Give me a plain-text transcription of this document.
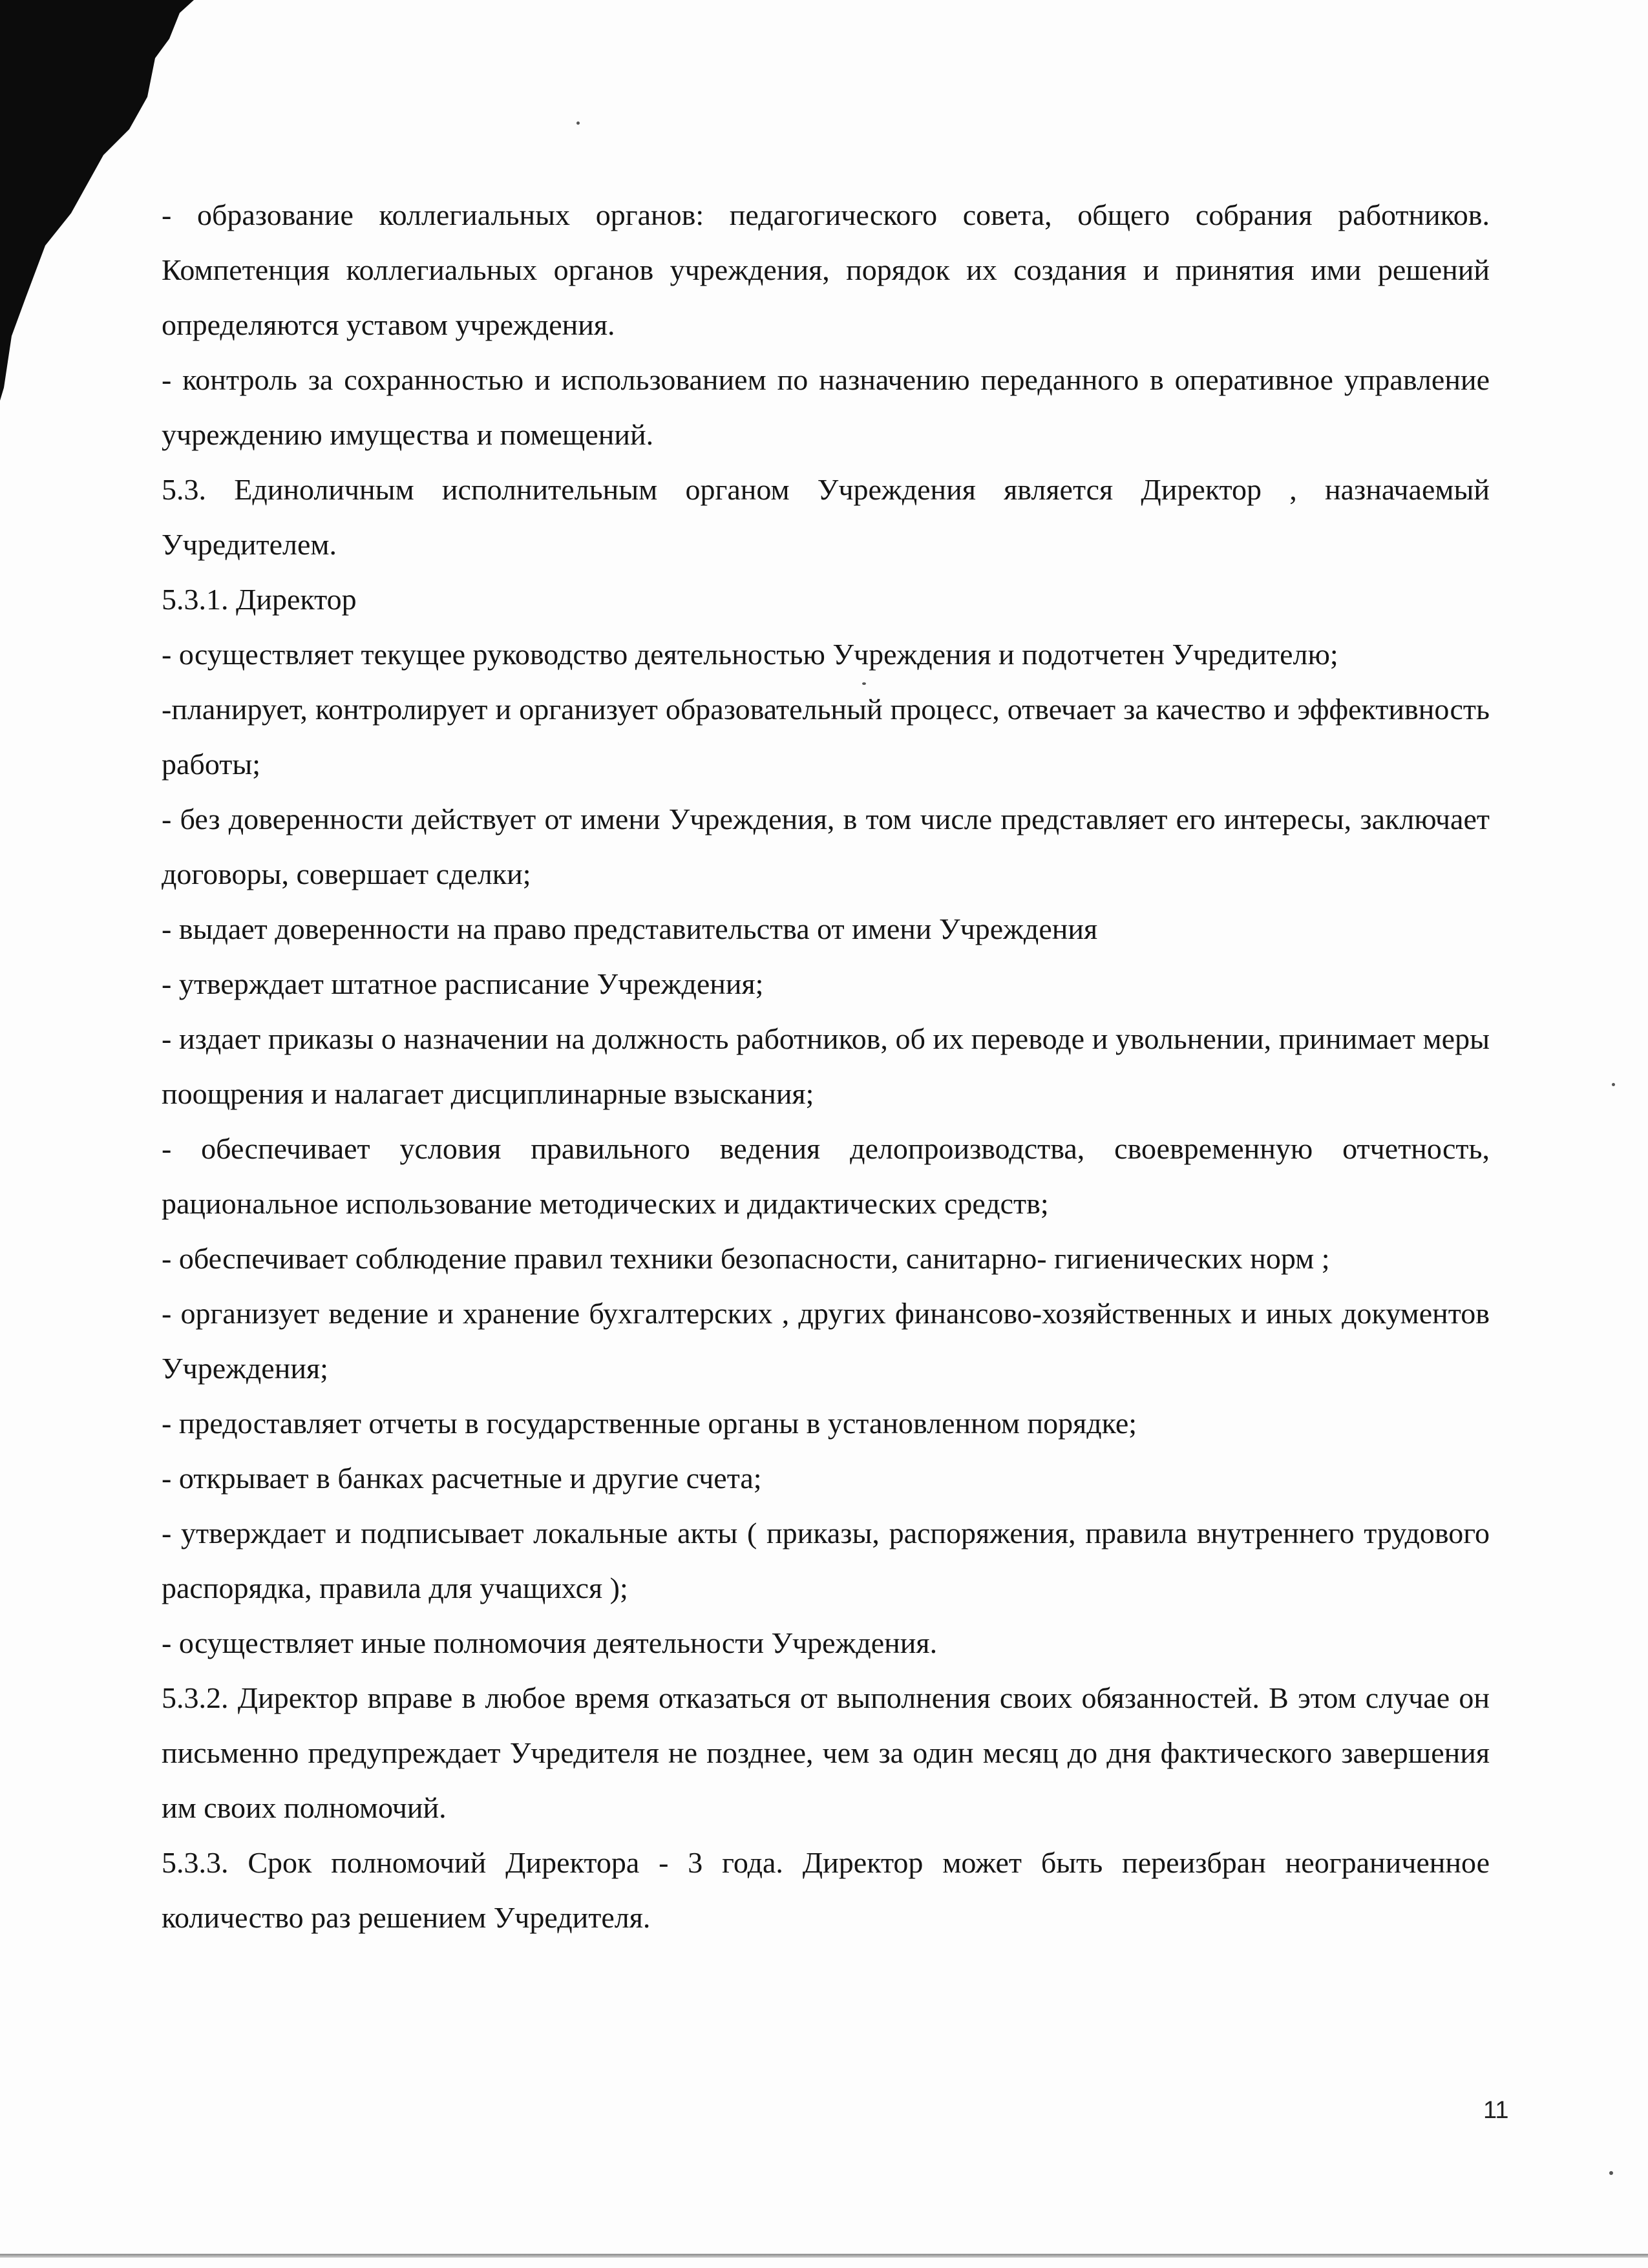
- образование коллегиальных органов: педагогического совета, общего собрания работников. Компетенция коллегиальных органов учреждения, порядок их создания и принятия ими решений определяются уставом учреждения.

- контроль за сохранностью и использованием по назначению переданного в оперативное управление учреждению имущества и помещений.

5.3. Единоличным исполнительным органом Учреждения является Директор , назначаемый Учредителем.

5.3.1. Директор

- осуществляет текущее руководство деятельностью Учреждения и подотчетен Учредителю;

-планирует, контролирует и организует образовательный процесс, отвечает за качество и эффективность работы;

- без доверенности действует от имени Учреждения, в том числе представляет его интересы, заключает договоры, совершает сделки;

- выдает доверенности на право представительства от имени Учреждения

- утверждает штатное расписание Учреждения;

- издает приказы о назначении на должность работников, об их переводе и увольнении, принимает меры поощрения и налагает дисциплинарные взыскания;

- обеспечивает условия правильного ведения делопроизводства, своевременную отчетность, рациональное использование методических и дидактических средств;

- обеспечивает соблюдение правил техники безопасности, санитарно- гигиенических норм ;

- организует ведение и хранение бухгалтерских , других финансово-хозяйственных и иных документов Учреждения;

- предоставляет отчеты в государственные органы в установленном порядке;

- открывает в банках расчетные и другие счета;

- утверждает и подписывает локальные акты ( приказы, распоряжения, правила внутреннего трудового распорядка, правила для учащихся );

- осуществляет иные полномочия деятельности Учреждения.

5.3.2. Директор вправе в любое время отказаться от выполнения своих обязанностей. В этом случае он письменно предупреждает Учредителя не позднее, чем за один месяц до дня фактического завершения им своих полномочий.

5.3.3. Срок полномочий Директора - 3 года. Директор может быть переизбран неограниченное количество раз решением Учредителя.

11
